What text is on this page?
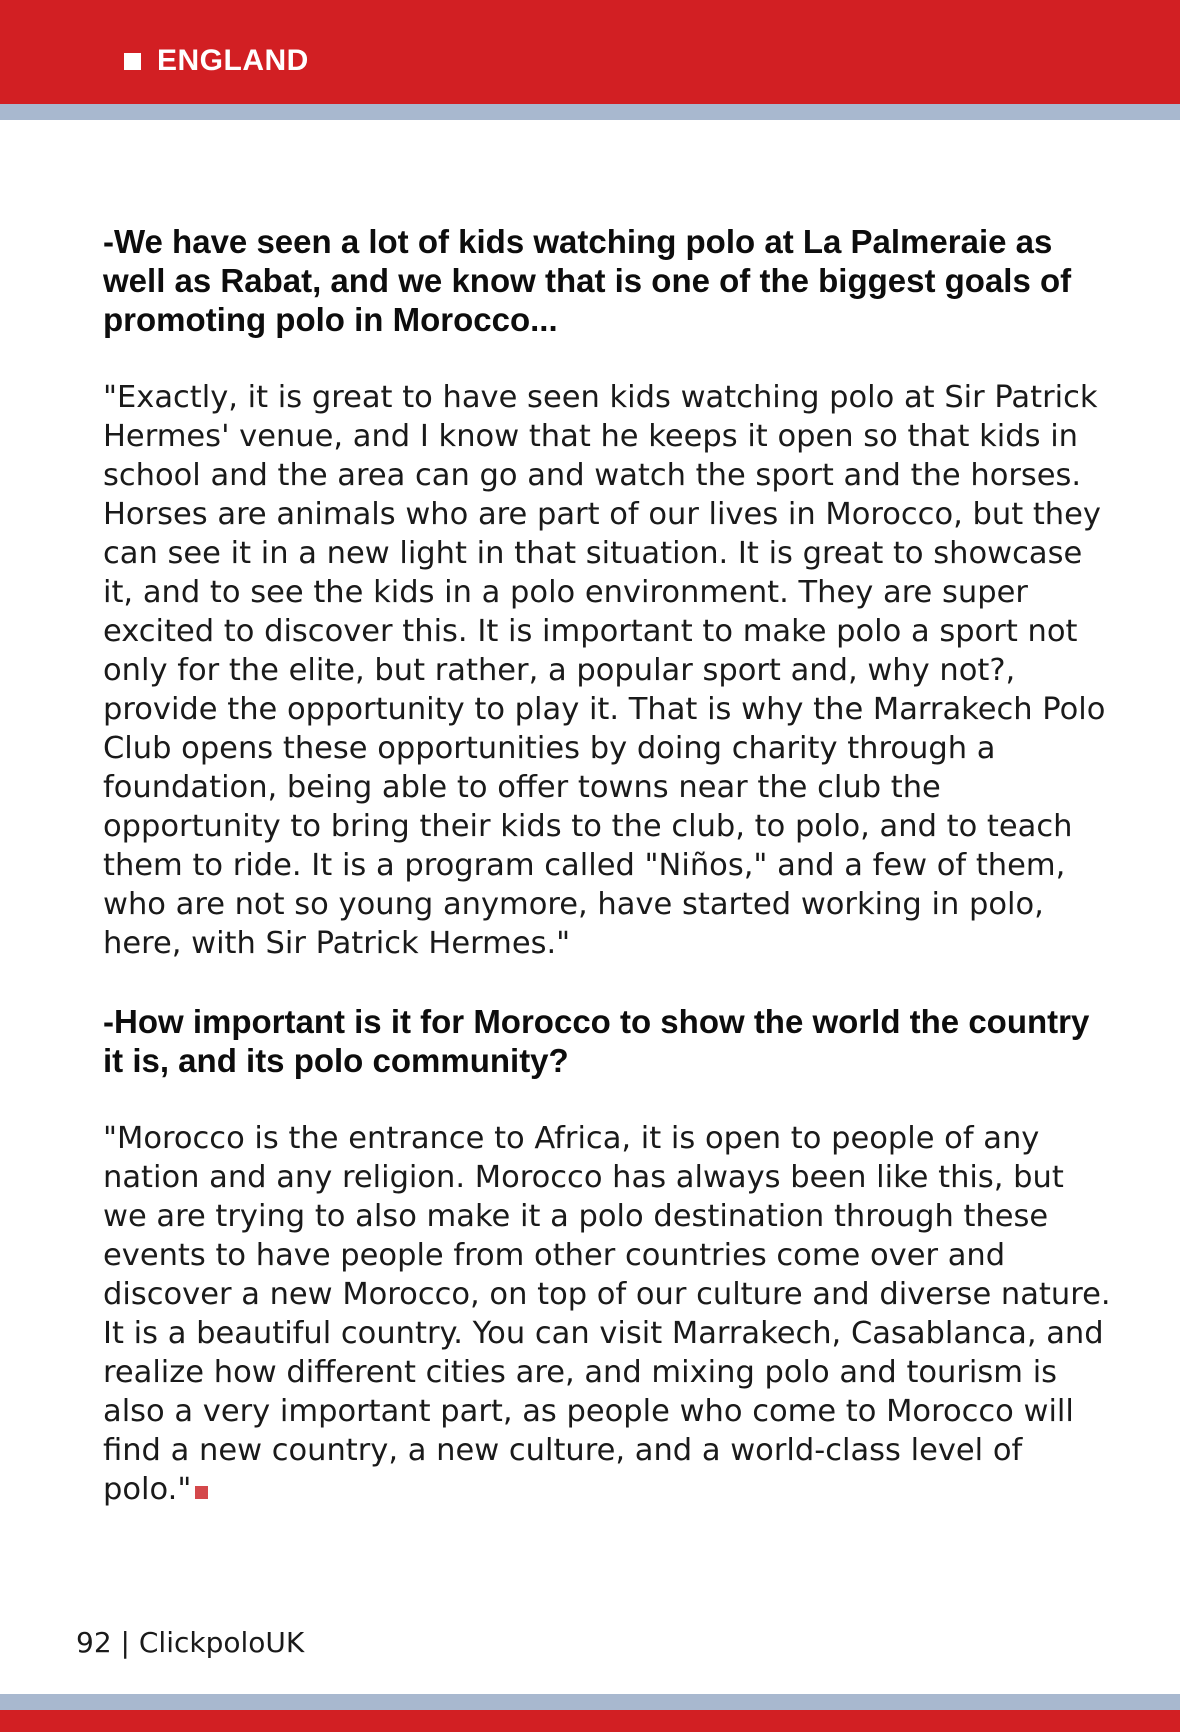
ENGLAND

-We have seen a lot of kids watching polo at La Palmeraie as well as Rabat, and we know that is one of the biggest goals of promoting polo in Morocco...

"Exactly, it is great to have seen kids watching polo at Sir Patrick Hermes' venue, and I know that he keeps it open so that kids in school and the area can go and watch the sport and the horses. Horses are animals who are part of our lives in Morocco, but they can see it in a new light in that situation. It is great to showcase it, and to see the kids in a polo environment. They are super excited to discover this. It is important to make polo a sport not only for the elite, but rather, a popular sport and, why not?, provide the opportunity to play it. That is why the Marrakech Polo Club opens these opportunities by doing charity through a foundation, being able to offer towns near the club the opportunity to bring their kids to the club, to polo, and to teach them to ride. It is a program called "Niños," and a few of them, who are not so young anymore, have started working in polo, here, with Sir Patrick Hermes."

-How important is it for Morocco to show the world the country it is, and its polo community?

"Morocco is the entrance to Africa, it is open to people of any nation and any religion. Morocco has always been like this, but we are trying to also make it a polo destination through these events to have people from other countries come over and discover a new Morocco, on top of our culture and diverse nature. It is a beautiful country. You can visit Marrakech, Casablanca, and realize how different cities are, and mixing polo and tourism is also a very important part, as people who come to Morocco will find a new country, a new culture, and a world-class level of polo."

92 | ClickpoloUK
